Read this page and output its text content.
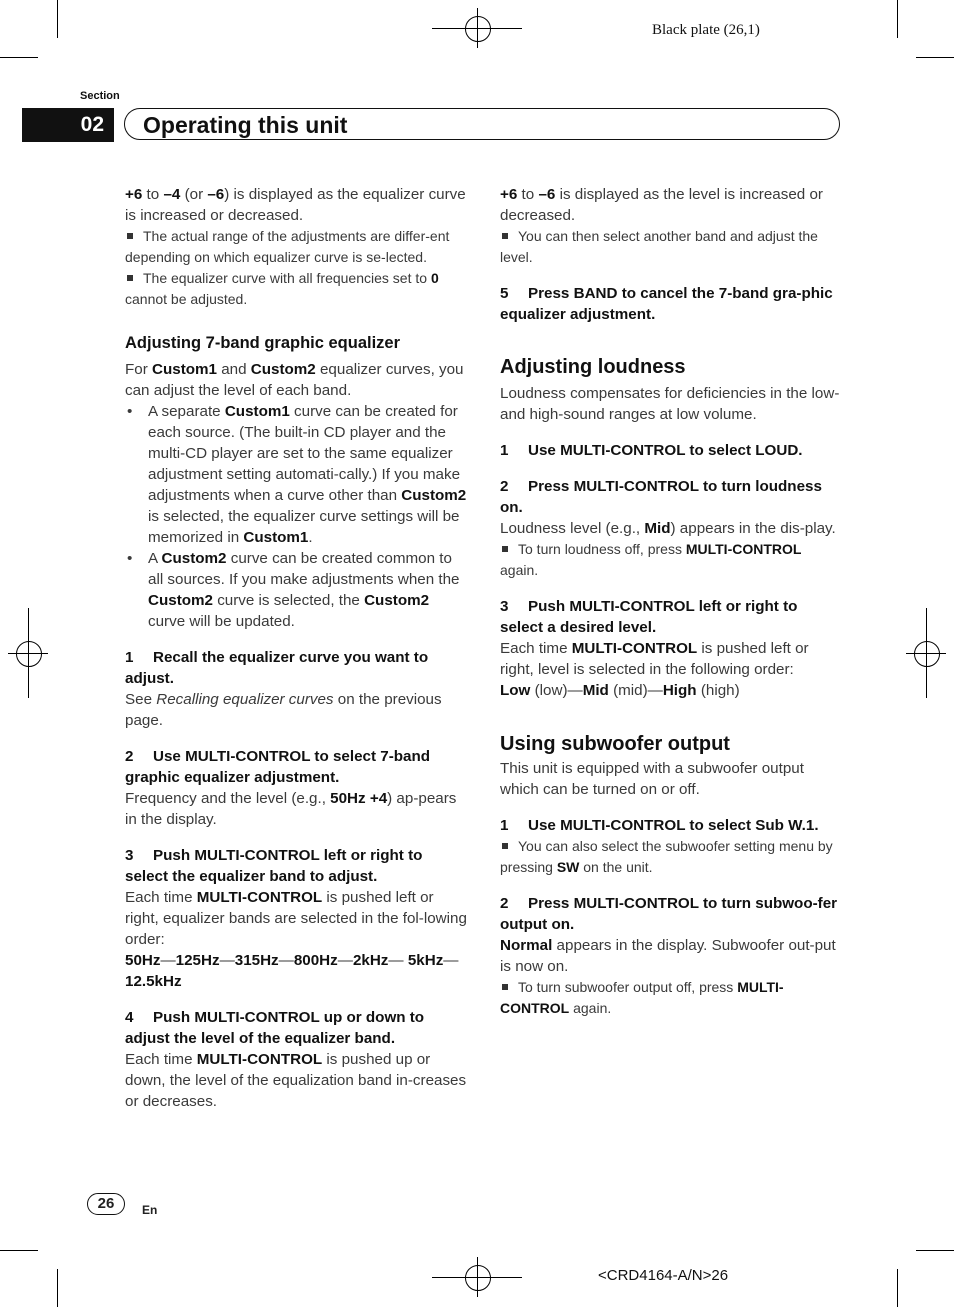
Black plate (26,1)
Section
02	Operating this unit

+6 to –4 (or –6) is displayed as the equalizer curve is increased or decreased.

The actual range of the adjustments are differ-ent depending on which equalizer curve is se-lected.

The equalizer curve with all frequencies set to 0 cannot be adjusted.

Adjusting 7-band graphic equalizer

For Custom1 and Custom2 equalizer curves, you can adjust the level of each band.

• A separate Custom1 curve can be created for each source. (The built-in CD player and the multi-CD player are set to the same equalizer adjustment setting automati-cally.) If you make adjustments when a curve other than Custom2 is selected, the equalizer curve settings will be memorized in Custom1.
• A Custom2 curve can be created common to all sources. If you make adjustments when the Custom2 curve is selected, the Custom2 curve will be updated.

1 Recall the equalizer curve you want to adjust.

See Recalling equalizer curves on the previous page.

2 Use MULTI-CONTROL to select 7-band graphic equalizer adjustment.

Frequency and the level (e.g., 50Hz +4) ap-pears in the display.

3 Push MULTI-CONTROL left or right to select the equalizer band to adjust.

Each time MULTI-CONTROL is pushed left or right, equalizer bands are selected in the fol-lowing order:

50Hz—125Hz—315Hz—800Hz—2kHz— 5kHz—12.5kHz

4 Push MULTI-CONTROL up or down to adjust the level of the equalizer band.

Each time MULTI-CONTROL is pushed up or down, the level of the equalization band in-creases or decreases.

+6 to –6 is displayed as the level is increased or decreased.

You can then select another band and adjust the level.

5 Press BAND to cancel the 7-band gra-phic equalizer adjustment.

Adjusting loudness

Loudness compensates for deficiencies in the low- and high-sound ranges at low volume.

1 Use MULTI-CONTROL to select LOUD.

2 Press MULTI-CONTROL to turn loudness on.

Loudness level (e.g., Mid) appears in the dis-play.

To turn loudness off, press MULTI-CONTROL again.

3 Push MULTI-CONTROL left or right to select a desired level.

Each time MULTI-CONTROL is pushed left or right, level is selected in the following order:

Low (low)—Mid (mid)—High (high)

Using subwoofer output

This unit is equipped with a subwoofer output which can be turned on or off.

1 Use MULTI-CONTROL to select Sub W.1.

You can also select the subwoofer setting menu by pressing SW on the unit.

2 Press MULTI-CONTROL to turn subwoo-fer output on.

Normal appears in the display. Subwoofer out-put is now on.

To turn subwoofer output off, press MULTI-CONTROL again.

26	En
<CRD4164-A/N>26
